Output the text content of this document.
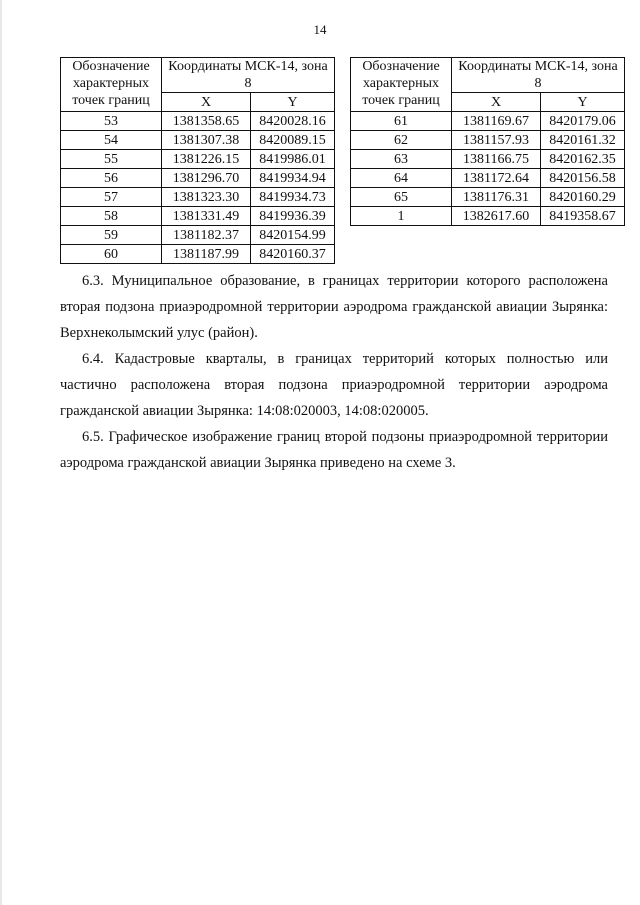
14
Обозначение характерных точек границ	Координаты МСК-14, зона 8	
	X	Y
53	1381358.65	8420028.16
54	1381307.38	8420089.15
55	1381226.15	8419986.01
56	1381296.70	8419934.94
57	1381323.30	8419934.73
58	1381331.49	8419936.39
59	1381182.37	8420154.99
60	1381187.99	8420160.37
Обозначение характерных точек границ	Координаты МСК-14, зона 8	
	X	Y
61	1381169.67	8420179.06
62	1381157.93	8420161.32
63	1381166.75	8420162.35
64	1381172.64	8420156.58
65	1381176.31	8420160.29
1	1382617.60	8419358.67
6.3. Муниципальное образование, в границах территории которого расположена вторая подзона приаэродромной территории аэродрома гражданской авиации Зырянка: Верхнеколымский улус (район).
6.4. Кадастровые кварталы, в границах территорий которых полностью или частично расположена вторая подзона приаэродромной территории аэродрома гражданской авиации Зырянка: 14:08:020003, 14:08:020005.
6.5. Графическое изображение границ второй подзоны приаэродромной территории аэродрома гражданской авиации Зырянка приведено на схеме 3.
